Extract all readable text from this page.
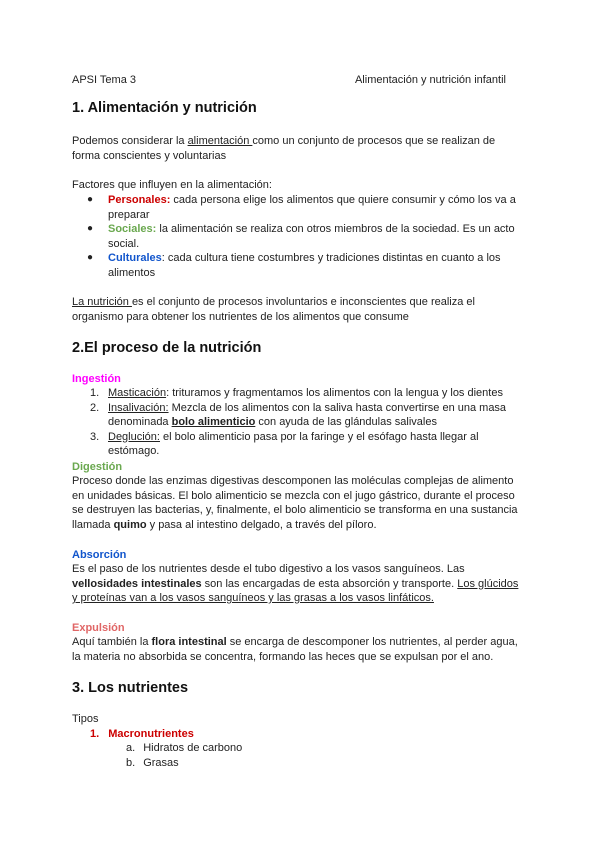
APSI Tema 3	Alimentación y nutrición infantil
1. Alimentación y nutrición

Podemos considerar la alimentación como un conjunto de procesos que se realizan de forma conscientes y voluntarias

Factores que influyen en la alimentación:

● Personales: cada persona elige los alimentos que quiere consumir y cómo los va a preparar
● Sociales: la alimentación se realiza con otros miembros de la sociedad. Es un acto social.
● Culturales: cada cultura tiene costumbres y tradiciones distintas en cuanto a los alimentos

La nutrición es el conjunto de procesos involuntarios e inconscientes que realiza el organismo para obtener los nutrientes de los alimentos que consume

2.El proceso de la nutrición
Ingestión
1. Masticación: trituramos y fragmentamos los alimentos con la lengua y los dientes
2. Insalivación: Mezcla de los alimentos con la saliva hasta convertirse en una masa denominada bolo alimenticio con ayuda de las glándulas salivales
3. Deglución: el bolo alimenticio pasa por la faringe y el esófago hasta llegar al estómago.
Digestión

Proceso donde las enzimas digestivas descomponen las moléculas complejas de alimento en unidades básicas. El bolo alimenticio se mezcla con el jugo gástrico, durante el proceso se destruyen las bacterias, y, finalmente, el bolo alimenticio se transforma en una sustancia llamada quimo y pasa al intestino delgado, a través del píloro.

Absorción

Es el paso de los nutrientes desde el tubo digestivo a los vasos sanguíneos. Las vellosidades intestinales son las encargadas de esta absorción y transporte. Los glúcidos y proteínas van a los vasos sanguíneos y las grasas a los vasos linfáticos.

Expulsión

Aquí también la flora intestinal se encarga de descomponer los nutrientes, al perder agua, la materia no absorbida se concentra, formando las heces que se expulsan por el ano.

3. Los nutrientes
Tipos
1. Macronutrientes
a. Hidratos de carbono
b. Grasas
